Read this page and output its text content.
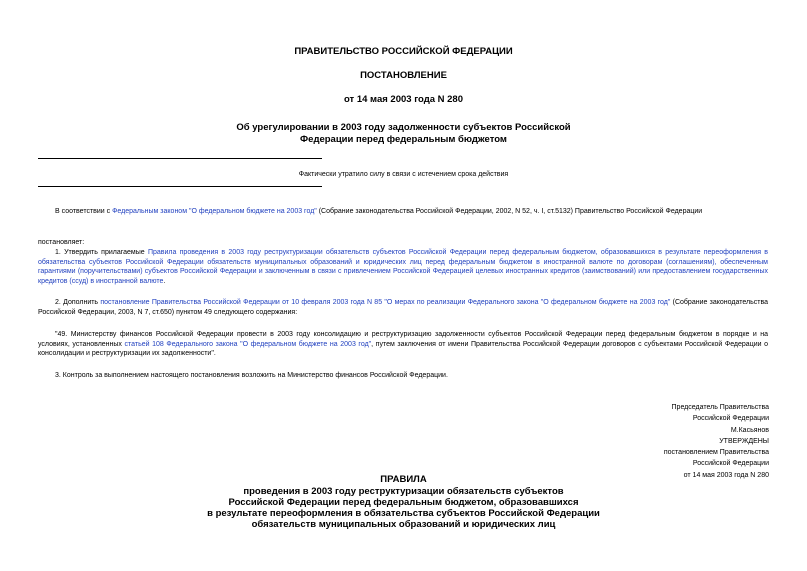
ПРАВИТЕЛЬСТВО РОССИЙСКОЙ ФЕДЕРАЦИИ
ПОСТАНОВЛЕНИЕ
от 14 мая 2003 года N 280
Об урегулировании в 2003 году задолженности субъектов Российской
Федерации перед федеральным бюджетом
Фактически утратило силу в связи с истечением срока действия
В соответствии с Федеральным законом "О федеральном бюджете на 2003 год" (Собрание законодательства Российской Федерации, 2002, N 52, ч. I, ст.5132) Правительство Российской Федерации
постановляет:
1. Утвердить прилагаемые Правила проведения в 2003 году реструктуризации обязательств субъектов Российской Федерации перед федеральным бюджетом, образовавшихся в результате переоформления в обязательства субъектов Российской Федерации обязательств муниципальных образований и юридических лиц перед федеральным бюджетом в иностранной валюте по договорам (соглашениям), обеспеченным гарантиями (поручительствами) субъектов Российской Федерации и заключенным в связи с привлечением Российской Федерацией целевых иностранных кредитов (заимствований) или предоставлением государственных кредитов (ссуд) в иностранной валюте.
2. Дополнить постановление Правительства Российской Федерации от 10 февраля 2003 года N 85 "О мерах по реализации Федерального закона "О федеральном бюджете на 2003 год" (Собрание законодательства Российской Федерации, 2003, N 7, ст.650) пунктом 49 следующего содержания:
"49. Министерству финансов Российской Федерации провести в 2003 году консолидацию и реструктуризацию задолженности субъектов Российской Федерации перед федеральным бюджетом в порядке и на условиях, установленных статьей 108 Федерального закона "О федеральном бюджете на 2003 год", путем заключения от имени Правительства Российской Федерации договоров с субъектами Российской Федерации о консолидации и реструктуризации их задолженности".
3. Контроль за выполнением настоящего постановления возложить на Министерство финансов Российской Федерации.
Председатель Правительства
Российской Федерации
М.Касьянов
УТВЕРЖДЕНЫ
постановлением Правительства
Российской Федерации
от 14 мая 2003 года N 280
ПРАВИЛА
проведения в 2003 году реструктуризации обязательств субъектов
Российской Федерации перед федеральным бюджетом, образовавшихся
в результате переоформления в обязательства субъектов Российской Федерации
обязательств муниципальных образований и юридических лиц
